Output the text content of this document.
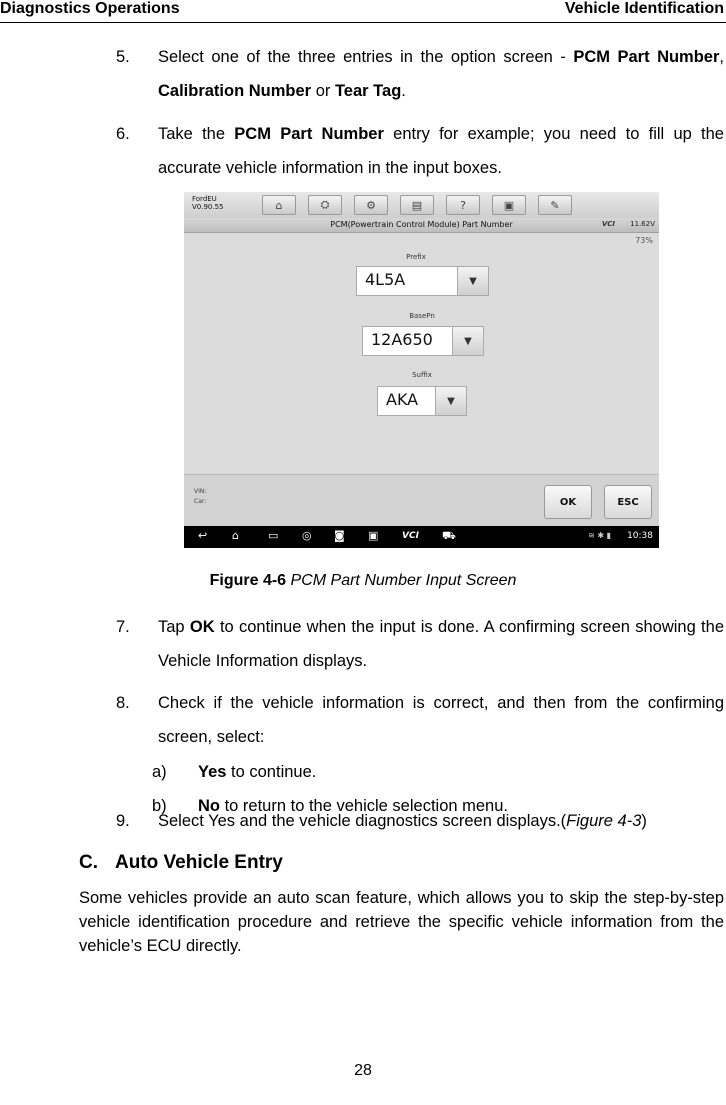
Diagnostics Operations	Vehicle Identification
5. Select one of the three entries in the option screen - PCM Part Number, Calibration Number or Tear Tag.
6. Take the PCM Part Number entry for example; you need to fill up the accurate vehicle information in the input boxes.
FordEU
V0.90.55	⌂	⛭	⚙	▤	?	▣	✎
PCM(Powertrain Control Module) Part Number	VCI 11.62V
73%
Prefix
4L5A	▼
BasePn
12A650	▼
Suffix
AKA	▼
VIN:
Car:	OK	ESC
↩ ⌂	▭ ◎ ◙ ▣	VCI ⛟	≋ ✱ ▮ 10:38
Figure 4-6 PCM Part Number Input Screen
7. Tap OK to continue when the input is done. A confirming screen showing the Vehicle Information displays.
8. Check if the vehicle information is correct, and then from the confirming screen, select:
a) Yes to continue.
b) No to return to the vehicle selection menu.
9. Select Yes and the vehicle diagnostics screen displays.(Figure 4-3)
C. Auto Vehicle Entry
Some vehicles provide an auto scan feature, which allows you to skip the step-by-step vehicle identification procedure and retrieve the specific vehicle information from the vehicle’s ECU directly.
28
